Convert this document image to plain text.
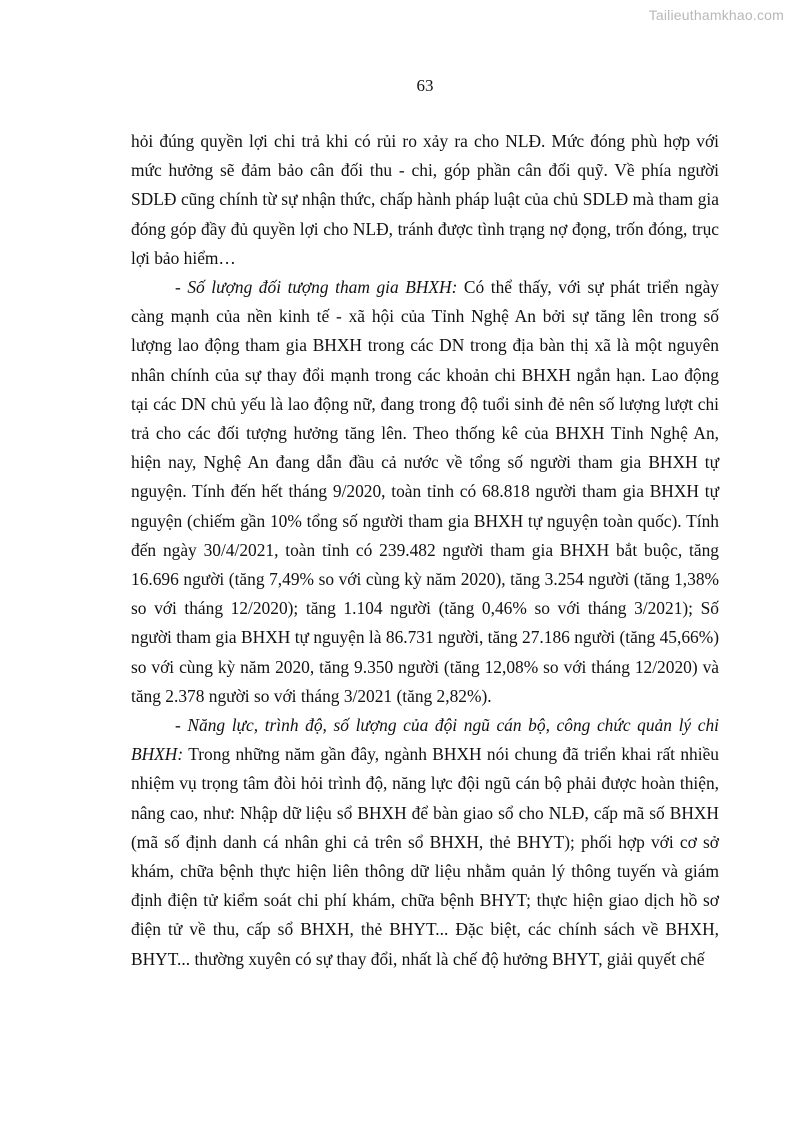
Tailieuthamkhao.com
63

hỏi đúng quyền lợi chi trả khi có rủi ro xảy ra cho NLĐ. Mức đóng phù hợp với mức hưởng sẽ đảm bảo cân đối thu - chi, góp phần cân đối quỹ. Về phía người SDLĐ cũng chính từ sự nhận thức, chấp hành pháp luật của chủ SDLĐ mà tham gia đóng góp đầy đủ quyền lợi cho NLĐ, tránh được tình trạng nợ đọng, trốn đóng, trục lợi bảo hiểm…

- Số lượng đối tượng tham gia BHXH: Có thể thấy, với sự phát triển ngày càng mạnh của nền kinh tế - xã hội của Tỉnh Nghệ An bởi sự tăng lên trong số lượng lao động tham gia BHXH trong các DN trong địa bàn thị xã là một nguyên nhân chính của sự thay đổi mạnh trong các khoản chi BHXH ngắn hạn. Lao động tại các DN chủ yếu là lao động nữ, đang trong độ tuổi sinh đẻ nên số lượng lượt chi trả cho các đối tượng hưởng tăng lên. Theo thống kê của BHXH Tỉnh Nghệ An, hiện nay, Nghệ An đang dẫn đầu cả nước về tổng số người tham gia BHXH tự nguyện. Tính đến hết tháng 9/2020, toàn tỉnh có 68.818 người tham gia BHXH tự nguyện (chiếm gần 10% tổng số người tham gia BHXH tự nguyện toàn quốc). Tính đến ngày 30/4/2021, toàn tỉnh có 239.482 người tham gia BHXH bắt buộc, tăng 16.696 người (tăng 7,49% so với cùng kỳ năm 2020), tăng 3.254 người (tăng 1,38% so với tháng 12/2020); tăng 1.104 người (tăng 0,46% so với tháng 3/2021); Số người tham gia BHXH tự nguyện là 86.731 người, tăng 27.186 người (tăng 45,66%) so với cùng kỳ năm 2020, tăng 9.350 người (tăng 12,08% so với tháng 12/2020) và tăng 2.378 người so với tháng 3/2021 (tăng 2,82%).

- Năng lực, trình độ, số lượng của đội ngũ cán bộ, công chức quản lý chi BHXH: Trong những năm gần đây, ngành BHXH nói chung đã triển khai rất nhiều nhiệm vụ trọng tâm đòi hỏi trình độ, năng lực đội ngũ cán bộ phải được hoàn thiện, nâng cao, như: Nhập dữ liệu sổ BHXH để bàn giao sổ cho NLĐ, cấp mã số BHXH (mã số định danh cá nhân ghi cả trên sổ BHXH, thẻ BHYT); phối hợp với cơ sở khám, chữa bệnh thực hiện liên thông dữ liệu nhằm quản lý thông tuyến và giám định điện tử kiểm soát chi phí khám, chữa bệnh BHYT; thực hiện giao dịch hồ sơ điện tử về thu, cấp sổ BHXH, thẻ BHYT... Đặc biệt, các chính sách về BHXH, BHYT... thường xuyên có sự thay đổi, nhất là chế độ hưởng BHYT, giải quyết chế
